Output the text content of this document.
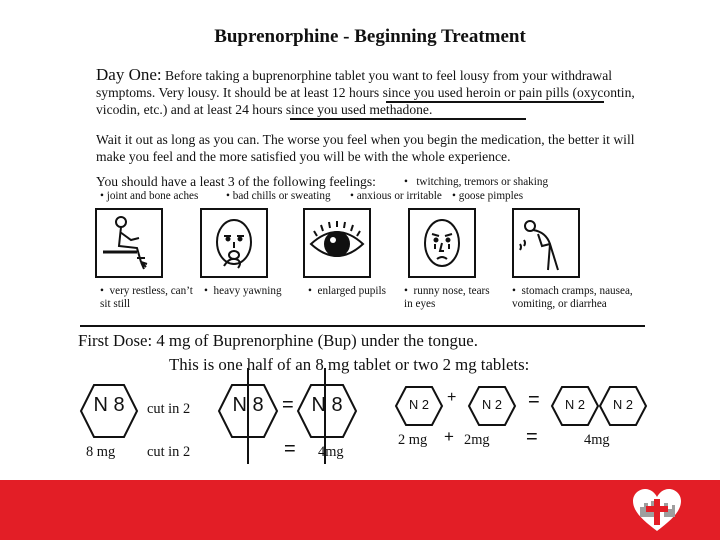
Buprenorphine - Beginning Treatment
Day One: Before taking a buprenorphine tablet you want to feel lousy from your withdrawal symptoms. Very lousy. It should be at least 12 hours since you used heroin or pain pills (oxycontin, vicodin, etc.) and at least 24 hours since you used methadone.
Wait it out as long as you can. The worse you feel when you begin the medication, the better it will make you feel and the more satisfied you will be with the whole experience.
You should have a least 3 of the following feelings:	• twitching, tremors or shaking
• joint and bone aches • bad chills or sweating • anxious or irritable • goose pimples
• very restless, can’t sit still
• heavy yawning	• enlarged pupils	• runny nose, tears in eyes
• stomach cramps, nausea, vomiting, or diarrhea
First Dose: 4 mg of Buprenorphine (Bup) under the tongue.
This is one half of an 8 mg tablet or two 2 mg tablets:
N 8	cut in 2	N 8 = N 8	N 2	+	N 2	=	N 2	N 2
8 mg cut in 2	= 4mg
2 mg + 2mg =	4mg
